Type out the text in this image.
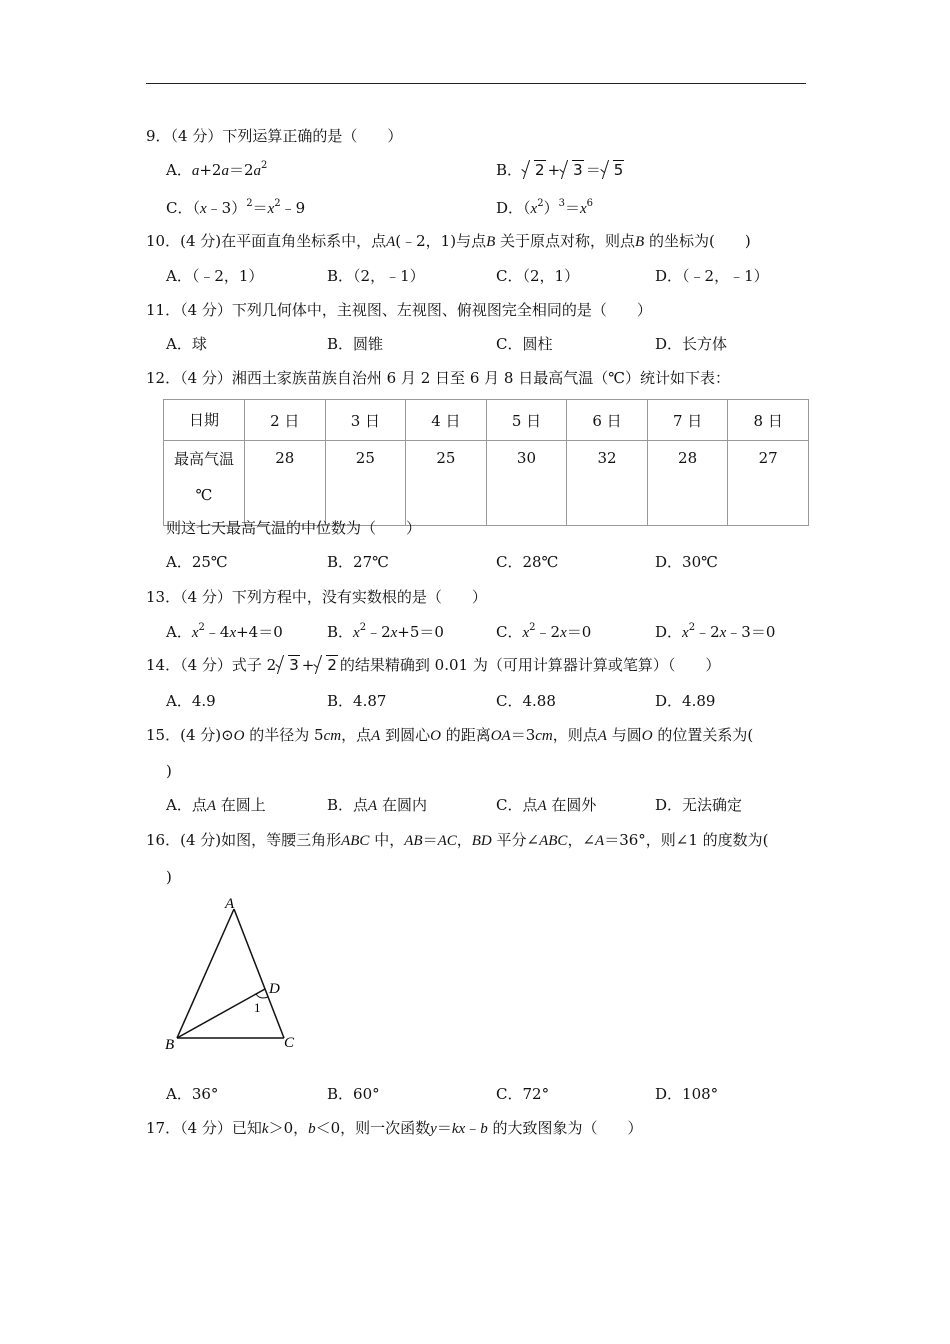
9．（4 分）下列运算正确的是（　　）
A．$a+2a=2a^2$	B． 2 + 3 ＝ 5
C．$(x﹣3)^2=x^2﹣9$	D．$(x^2)^3=x^6$
10．(4 分)在平面直角坐标系中，点A(﹣2，1)与点B 关于原点对称，则点B 的坐标为(　　)
A．（﹣2，1）	B．（2，﹣1）	C．（2，1）	D．（﹣2，﹣1）
11．（4 分）下列几何体中，主视图、左视图、俯视图完全相同的是（　　）
A．球	B．圆锥	C．圆柱	D．长方体
12．（4 分）湘西土家族苗族自治州 6 月 2 日至 6 月 8 日最高气温（℃）统计如下表：
日期	2 日	3 日	4 日	5 日	6 日	7 日	8 日

最高气温
℃	28	25	25	30	32	28	27
则这七天最高气温的中位数为（　　）
A．25℃	B．27℃	C．28℃	D．30℃
13．（4 分）下列方程中，没有实数根的是（　　）
A．$x^2﹣4x+4=0$	B．$x^2﹣2x+5=0$	C．$x^2﹣2x=0$	D．$x^2﹣2x﹣3=0$
14．（4 分）式子 2 3 + 2 的结果精确到 0.01 为（可用计算器计算或笔算）（　　）
A．4.9	B．4.87	C．4.88	D．4.89
15．(4 分)⊙O 的半径为 5cm，点A 到圆心O 的距离OA＝3cm，则点A 与圆O 的位置关系为(
)
A．点A 在圆上	B．点A 在圆内	C．点A 在圆外	D．无法确定
16．(4 分)如图，等腰三角形ABC 中，AB＝AC，BD 平分∠ABC，∠A＝36°，则∠1 的度数为(
)
A
B	C
D
1
A．36°	B．60°	C．72°	D．108°
17．（4 分）已知k＞0，b＜0，则一次函数y＝kx﹣b 的大致图象为（　　）
